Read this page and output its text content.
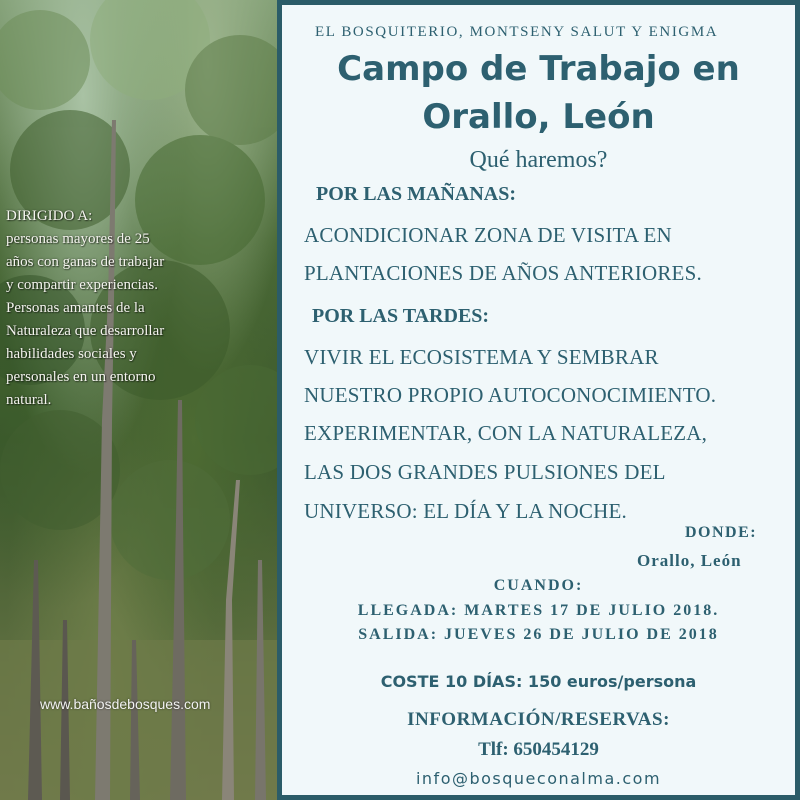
DIRIGIDO A:
personas mayores de 25
años con ganas de trabajar
y compartir experiencias.
Personas amantes de la
Naturaleza que desarrollar
habilidades sociales y
personales en un entorno
natural.
www.bañosdebosques.com

EL BOSQUITERIO, MONTSENY SALUT Y ENIGMA

Campo de Trabajo en
Orallo, León

Qué haremos?

POR LAS MAÑANAS:

ACONDICIONAR ZONA DE VISITA EN

PLANTACIONES DE AÑOS ANTERIORES.

POR LAS TARDES:

VIVIR EL ECOSISTEMA Y SEMBRAR

NUESTRO PROPIO AUTOCONOCIMIENTO.

EXPERIMENTAR, CON LA NATURALEZA,

LAS DOS GRANDES PULSIONES DEL

UNIVERSO: EL DÍA Y LA NOCHE.

DONDE:

Orallo, León

CUANDO:

LLEGADA: MARTES 17 DE JULIO 2018.

SALIDA: JUEVES 26 DE JULIO DE 2018

COSTE 10 DÍAS: 150 euros/persona

INFORMACIÓN/RESERVAS:

Tlf: 650454129

info@bosqueconalma.com
